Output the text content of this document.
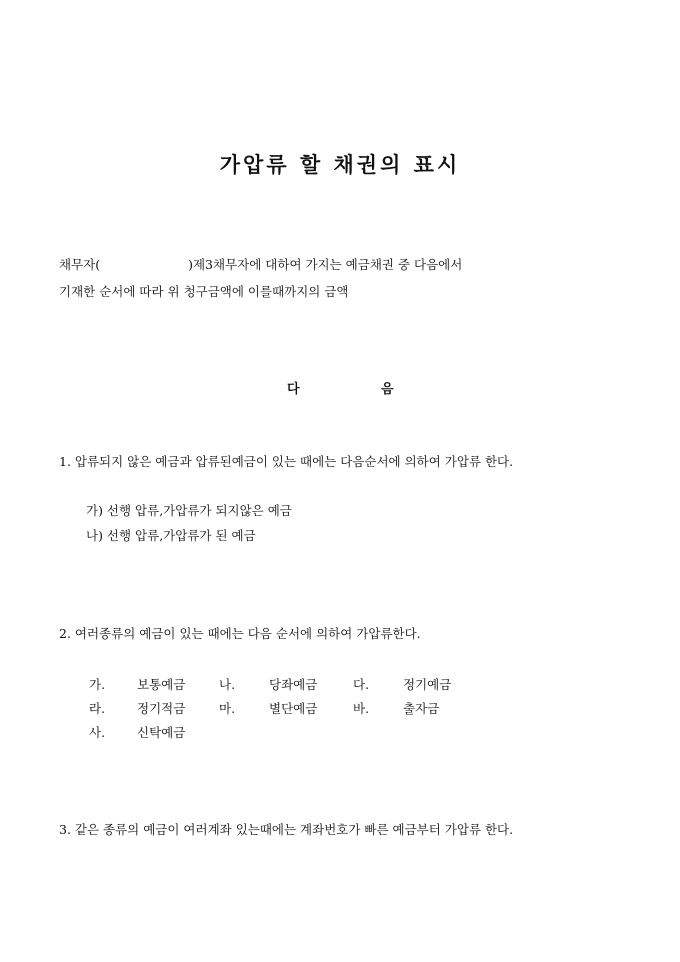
가압류 할 채권의 표시
채무자(	)제3채무자에 대하여 가지는 예금채권 중 다음에서
기재한 순서에 따라 위 청구금액에 이를때까지의 금액
다	음
1. 압류되지 않은 예금과 압류된예금이 있는 때에는 다음순서에 의하여 가압류 한다.
가) 선행 압류,가압류가 되지않은 예금
나) 선행 압류,가압류가 된 예금
2. 여러종류의 예금이 있는 때에는 다음 순서에 의하여 가압류한다.
가.	보통예금	나.	당좌예금	다.	정기예금
라.	정기적금	마.	별단예금	바.	출자금
사.	신탁예금
3. 같은 종류의 예금이 여러계좌 있는때에는 계좌번호가 빠른 예금부터 가압류 한다.
